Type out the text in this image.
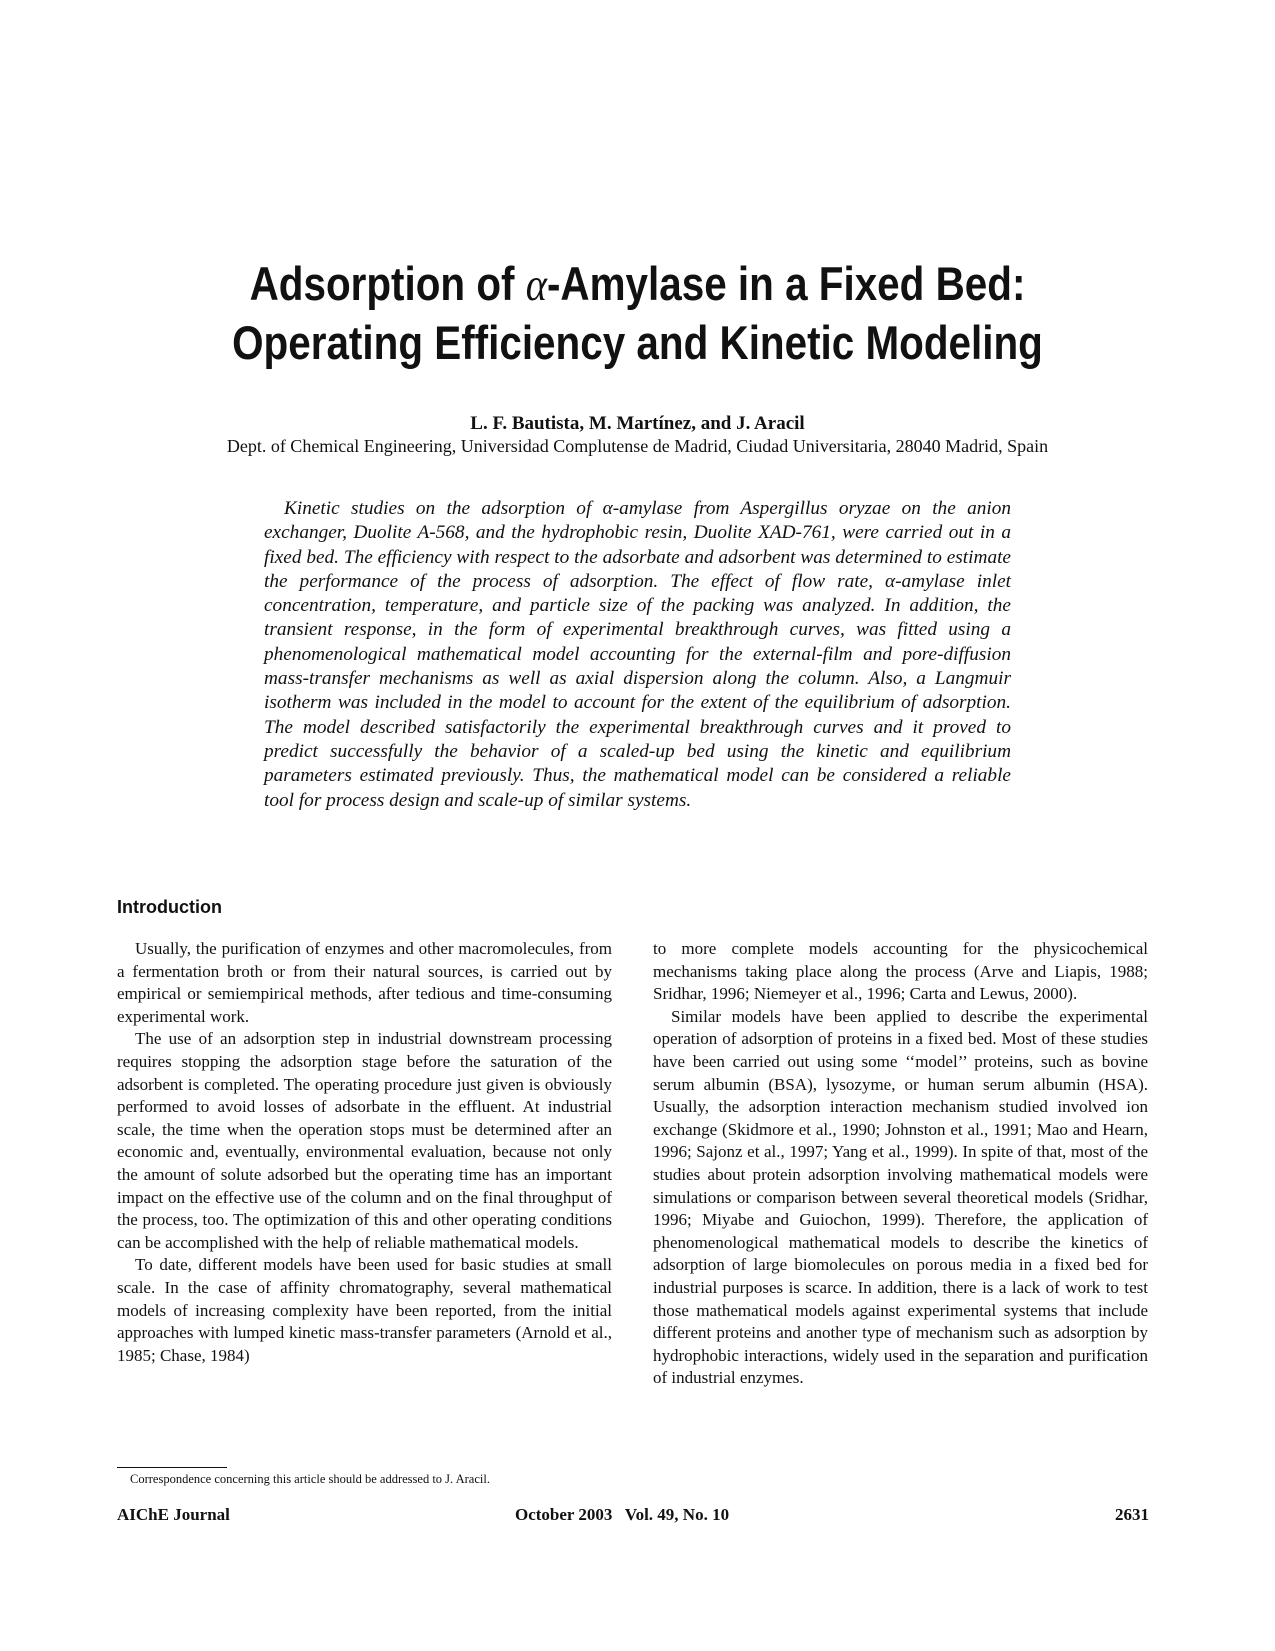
Adsorption of α-Amylase in a Fixed Bed:
Operating Efficiency and Kinetic Modeling
L. F. Bautista, M. Martínez, and J. Aracil
Dept. of Chemical Engineering, Universidad Complutense de Madrid, Ciudad Universitaria, 28040 Madrid, Spain

Kinetic studies on the adsorption of α-amylase from Aspergillus oryzae on the anion exchanger, Duolite A-568, and the hydrophobic resin, Duolite XAD-761, were carried out in a fixed bed. The efficiency with respect to the adsorbate and adsorbent was determined to estimate the performance of the process of adsorption. The effect of flow rate, α-amylase inlet concentration, temperature, and particle size of the packing was analyzed. In addition, the transient response, in the form of experimental breakthrough curves, was fitted using a phenomenological mathematical model accounting for the external-film and pore-diffusion mass-transfer mechanisms as well as axial dispersion along the column. Also, a Langmuir isotherm was included in the model to account for the extent of the equilibrium of adsorption. The model described satisfactorily the experimental breakthrough curves and it proved to predict successfully the behavior of a scaled-up bed using the kinetic and equilibrium parameters estimated previously. Thus, the mathematical model can be considered a reliable tool for process design and scale-up of similar systems.

Introduction

Usually, the purification of enzymes and other macromolecules, from a fermentation broth or from their natural sources, is carried out by empirical or semiempirical methods, after tedious and time-consuming experimental work.

The use of an adsorption step in industrial downstream processing requires stopping the adsorption stage before the saturation of the adsorbent is completed. The operating procedure just given is obviously performed to avoid losses of adsorbate in the effluent. At industrial scale, the time when the operation stops must be determined after an economic and, eventually, environmental evaluation, because not only the amount of solute adsorbed but the operating time has an important impact on the effective use of the column and on the final throughput of the process, too. The optimization of this and other operating conditions can be accomplished with the help of reliable mathematical models.

To date, different models have been used for basic studies at small scale. In the case of affinity chromatography, several mathematical models of increasing complexity have been reported, from the initial approaches with lumped kinetic mass-transfer parameters (Arnold et al., 1985; Chase, 1984)

to more complete models accounting for the physicochemical mechanisms taking place along the process (Arve and Liapis, 1988; Sridhar, 1996; Niemeyer et al., 1996; Carta and Lewus, 2000).

Similar models have been applied to describe the experimental operation of adsorption of proteins in a fixed bed. Most of these studies have been carried out using some ‘‘model’’ proteins, such as bovine serum albumin (BSA), lysozyme, or human serum albumin (HSA). Usually, the adsorption interaction mechanism studied involved ion exchange (Skidmore et al., 1990; Johnston et al., 1991; Mao and Hearn, 1996; Sajonz et al., 1997; Yang et al., 1999). In spite of that, most of the studies about protein adsorption involving mathematical models were simulations or comparison between several theoretical models (Sridhar, 1996; Miyabe and Guiochon, 1999). Therefore, the application of phenomenological mathematical models to describe the kinetics of adsorption of large biomolecules on porous media in a fixed bed for industrial purposes is scarce. In addition, there is a lack of work to test those mathematical models against experimental systems that include different proteins and another type of mechanism such as adsorption by hydrophobic interactions, widely used in the separation and purification of industrial enzymes.

Correspondence concerning this article should be addressed to J. Aracil.
AIChE Journal	October 2003   Vol. 49, No. 10	2631
